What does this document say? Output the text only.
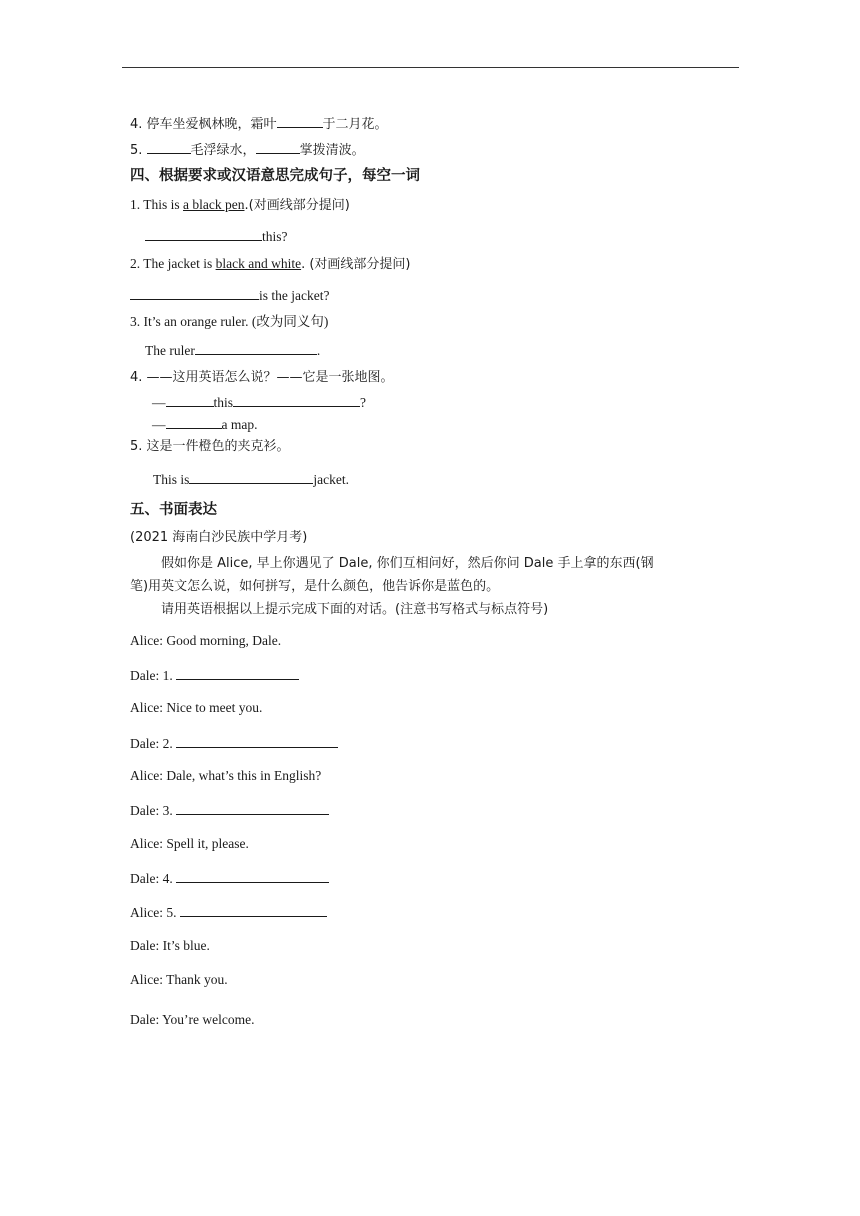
4. 停车坐爱枫林晚，霜叶	于二月花。
5.	毛浮绿水，	掌拨清波。
四、根据要求或汉语意思完成句子，每空一词
1. This is a black pen.(对画线部分提问)
this?
2. The jacket is black and white. (对画线部分提问)
is the jacket?
3. It’s an orange ruler. (改为同义句)
The ruler	.
4. ——这用英语怎么说？——它是一张地图。
—	this	?
—	a map.
5. 这是一件橙色的夹克衫。
This is	jacket.
五、书面表达
(2021 海南白沙民族中学月考)
假如你是 Alice, 早上你遇见了 Dale, 你们互相问好，然后你问 Dale 手上拿的东西(钢
笔)用英文怎么说，如何拼写，是什么颜色，他告诉你是蓝色的。
请用英语根据以上提示完成下面的对话。(注意书写格式与标点符号)
Alice: Good morning, Dale.
Dale: 1.
Alice: Nice to meet you.
Dale: 2.
Alice: Dale, what’s this in English?
Dale: 3.
Alice: Spell it, please.
Dale: 4.
Alice: 5.
Dale: It’s blue.
Alice: Thank you.
Dale: You’re welcome.
